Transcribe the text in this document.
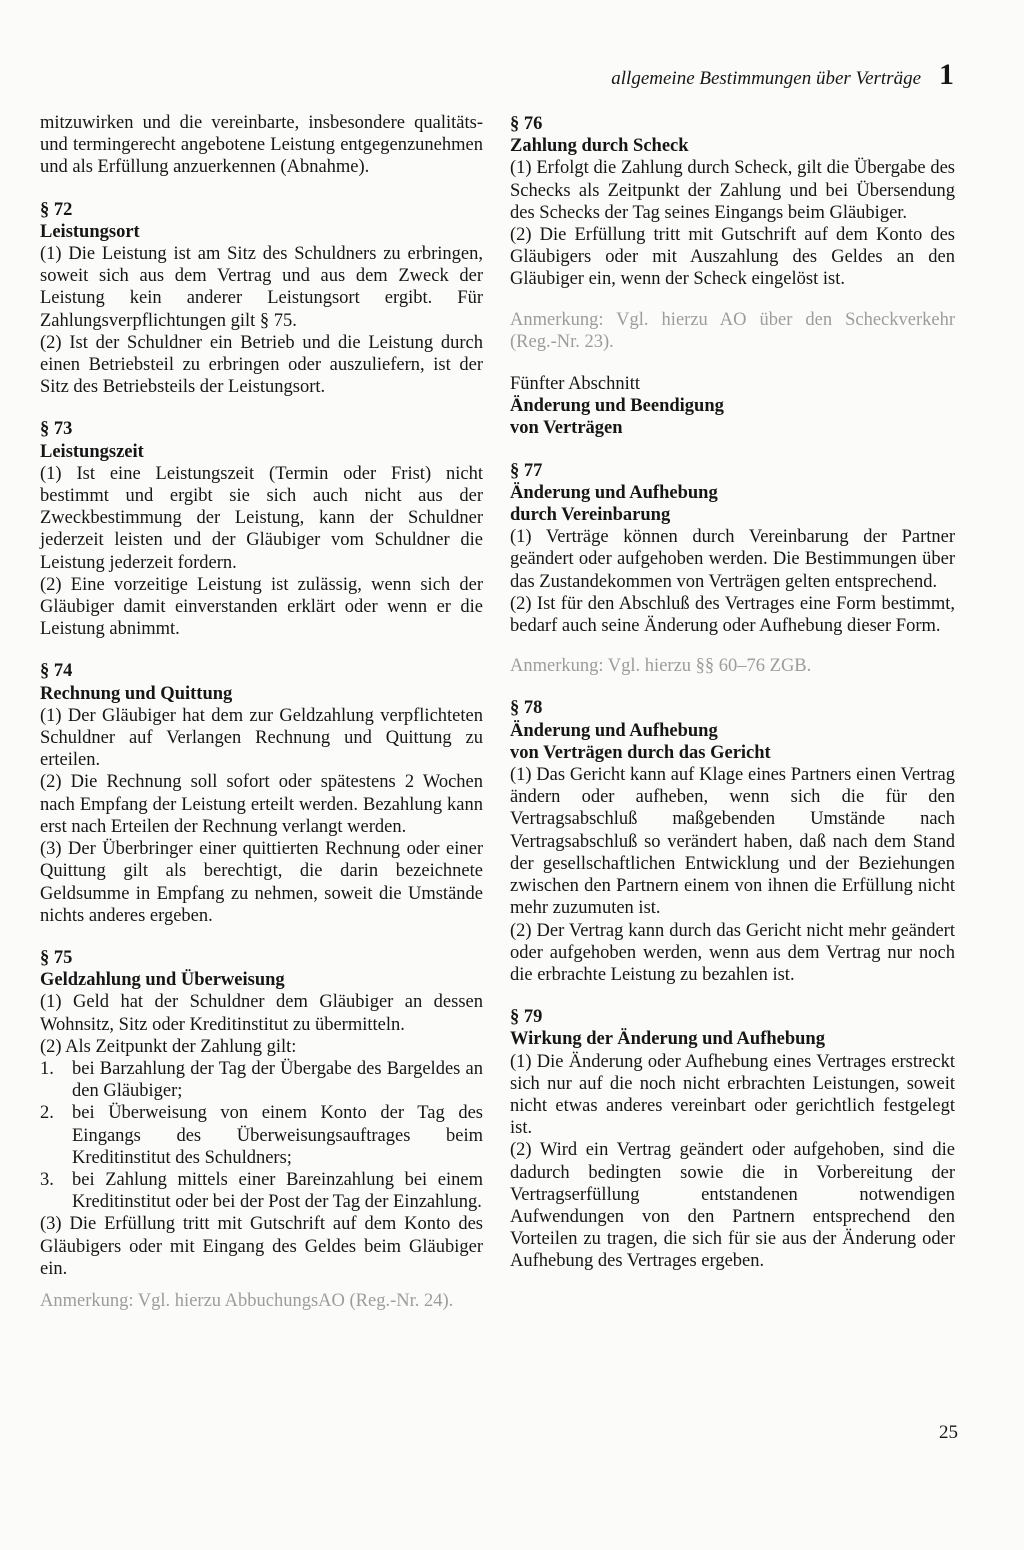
allgemeine Bestimmungen über Verträge 1

mitzuwirken und die vereinbarte, insbesondere qualitäts- und termingerecht angebotene Leistung entgegenzunehmen und als Erfüllung anzuerkennen (Abnahme).

§ 72
Leistungsort

(1) Die Leistung ist am Sitz des Schuldners zu erbringen, soweit sich aus dem Vertrag und aus dem Zweck der Leistung kein anderer Leistungsort ergibt. Für Zahlungsverpflichtungen gilt § 75.

(2) Ist der Schuldner ein Betrieb und die Leistung durch einen Betriebsteil zu erbringen oder auszuliefern, ist der Sitz des Betriebsteils der Leistungsort.

§ 73
Leistungszeit

(1) Ist eine Leistungszeit (Termin oder Frist) nicht bestimmt und ergibt sie sich auch nicht aus der Zweckbestimmung der Leistung, kann der Schuldner jederzeit leisten und der Gläubiger vom Schuldner die Leistung jederzeit fordern.

(2) Eine vorzeitige Leistung ist zulässig, wenn sich der Gläubiger damit einverstanden erklärt oder wenn er die Leistung abnimmt.

§ 74
Rechnung und Quittung

(1) Der Gläubiger hat dem zur Geldzahlung verpflichteten Schuldner auf Verlangen Rechnung und Quittung zu erteilen.

(2) Die Rechnung soll sofort oder spätestens 2 Wochen nach Empfang der Leistung erteilt werden. Bezahlung kann erst nach Erteilen der Rechnung verlangt werden.

(3) Der Überbringer einer quittierten Rechnung oder einer Quittung gilt als berechtigt, die darin bezeichnete Geldsumme in Empfang zu nehmen, soweit die Umstände nichts anderes ergeben.

§ 75
Geldzahlung und Überweisung

(1) Geld hat der Schuldner dem Gläubiger an dessen Wohnsitz, Sitz oder Kreditinstitut zu übermitteln.

(2) Als Zeitpunkt der Zahlung gilt:

1. bei Barzahlung der Tag der Übergabe des Bargeldes an den Gläubiger;
2. bei Überweisung von einem Konto der Tag des Eingangs des Überweisungsauftrages beim Kreditinstitut des Schuldners;
3. bei Zahlung mittels einer Bareinzahlung bei einem Kreditinstitut oder bei der Post der Tag der Einzahlung.

(3) Die Erfüllung tritt mit Gutschrift auf dem Konto des Gläubigers oder mit Eingang des Geldes beim Gläubiger ein.

Anmerkung: Vgl. hierzu AbbuchungsAO (Reg.-Nr. 24).

§ 76
Zahlung durch Scheck

(1) Erfolgt die Zahlung durch Scheck, gilt die Übergabe des Schecks als Zeitpunkt der Zahlung und bei Übersendung des Schecks der Tag seines Eingangs beim Gläubiger.

(2) Die Erfüllung tritt mit Gutschrift auf dem Konto des Gläubigers oder mit Auszahlung des Geldes an den Gläubiger ein, wenn der Scheck eingelöst ist.

Anmerkung: Vgl. hierzu AO über den Scheckverkehr (Reg.-Nr. 23).

Fünfter Abschnitt
Änderung und Beendigung
von Verträgen
§ 77
Änderung und Aufhebung
durch Vereinbarung

(1) Verträge können durch Vereinbarung der Partner geändert oder aufgehoben werden. Die Bestimmungen über das Zustandekommen von Verträgen gelten entsprechend.

(2) Ist für den Abschluß des Vertrages eine Form bestimmt, bedarf auch seine Änderung oder Aufhebung dieser Form.

Anmerkung: Vgl. hierzu §§ 60–76 ZGB.

§ 78
Änderung und Aufhebung
von Verträgen durch das Gericht

(1) Das Gericht kann auf Klage eines Partners einen Vertrag ändern oder aufheben, wenn sich die für den Vertragsabschluß maßgebenden Umstände nach Vertragsabschluß so verändert haben, daß nach dem Stand der gesellschaftlichen Entwicklung und der Beziehungen zwischen den Partnern einem von ihnen die Erfüllung nicht mehr zuzumuten ist.

(2) Der Vertrag kann durch das Gericht nicht mehr geändert oder aufgehoben werden, wenn aus dem Vertrag nur noch die erbrachte Leistung zu bezahlen ist.

§ 79
Wirkung der Änderung und Aufhebung

(1) Die Änderung oder Aufhebung eines Vertrages erstreckt sich nur auf die noch nicht erbrachten Leistungen, soweit nicht etwas anderes vereinbart oder gerichtlich festgelegt ist.

(2) Wird ein Vertrag geändert oder aufgehoben, sind die dadurch bedingten sowie die in Vorbereitung der Vertragserfüllung entstandenen notwendigen Aufwendungen von den Partnern entsprechend den Vorteilen zu tragen, die sich für sie aus der Änderung oder Aufhebung des Vertrages ergeben.

25
